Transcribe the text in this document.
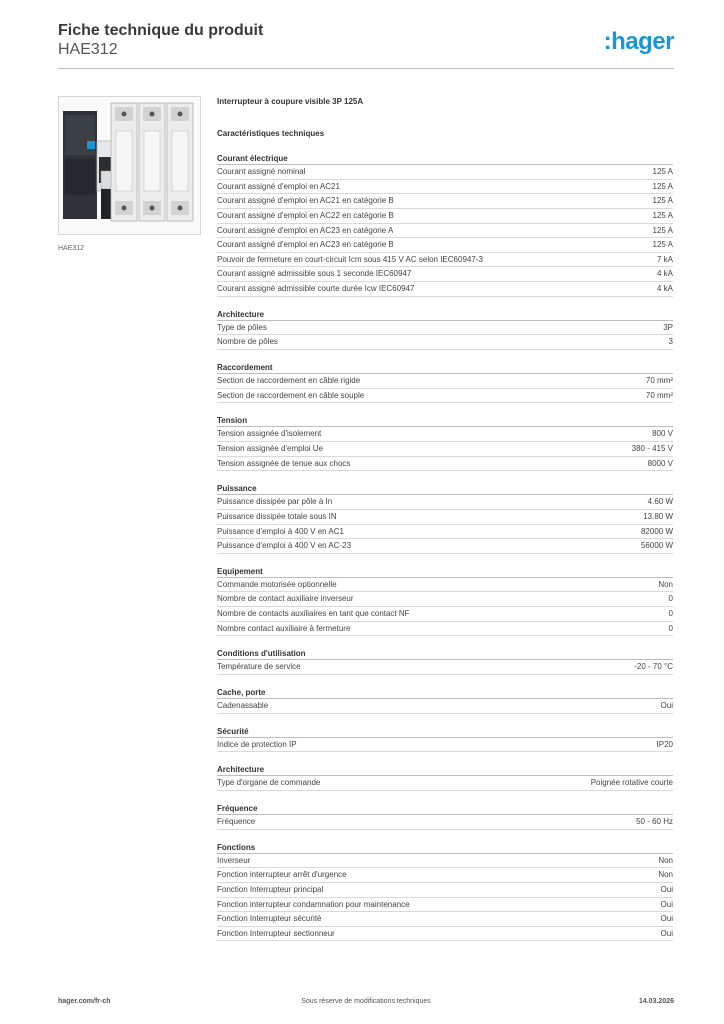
Fiche technique du produit
HAE312	:hager
HAE312
Interrupteur à coupure visible 3P 125A
Caractéristiques techniques
Courant électrique
Courant assigné nominal	125 A
Courant assigné d'emploi en AC21	125 A
Courant assigné d'emploi en AC21 en catégorie B	125 A
Courant assigné d'emploi en AC22 en catégorie B	125 A
Courant assigné d'emploi en AC23 en catégorie A	125 A
Courant assigné d'emploi en AC23 en catégorie B	125 A
Pouvoir de fermeture en court-circuit Icm sous 415 V AC selon IEC60947-3	7 kA
Courant assigné admissible sous 1 seconde IEC60947	4 kA
Courant assigné admissible courte durée Icw IEC60947	4 kA
Architecture
Type de pôles	3P
Nombre de pôles	3
Raccordement
Section de raccordement en câble rigide	70 mm²
Section de raccordement en câble souple	70 mm²
Tension
Tension assignée d'isolement	800 V
Tension assignée d'emploi Ue	380 - 415 V
Tension assignée de tenue aux chocs	8000 V
Puissance
Puissance dissipée par pôle à In	4.60 W
Puissance dissipée totale sous IN	13.80 W
Puissance d'emploi à 400 V en AC1	82000 W
Puissance d'emploi à 400 V en AC-23	56000 W
Equipement
Commande motorisée optionnelle	Non
Nombre de contact auxiliaire inverseur	0
Nombre de contacts auxiliaires en tant que contact NF	0
Nombre contact auxiliaire à fermeture	0
Conditions d'utilisation
Température de service	-20 - 70 °C
Cache, porte
Cadenassable	Oui
Sécurité
Indice de protection IP	IP20
Architecture
Type d'organe de commande	Poignée rotative courte
Fréquence
Fréquence	50 - 60 Hz
Fonctions
Inverseur	Non
Fonction interrupteur arrêt d'urgence	Non
Fonction Interrupteur principal	Oui
Fonction interrupteur condamnation pour maintenance	Oui
Fonction Interrupteur sécurité	Oui
Fonction Interrupteur sectionneur	Oui
hager.com/fr-ch	Sous réserve de modifications techniques	14.03.2026
